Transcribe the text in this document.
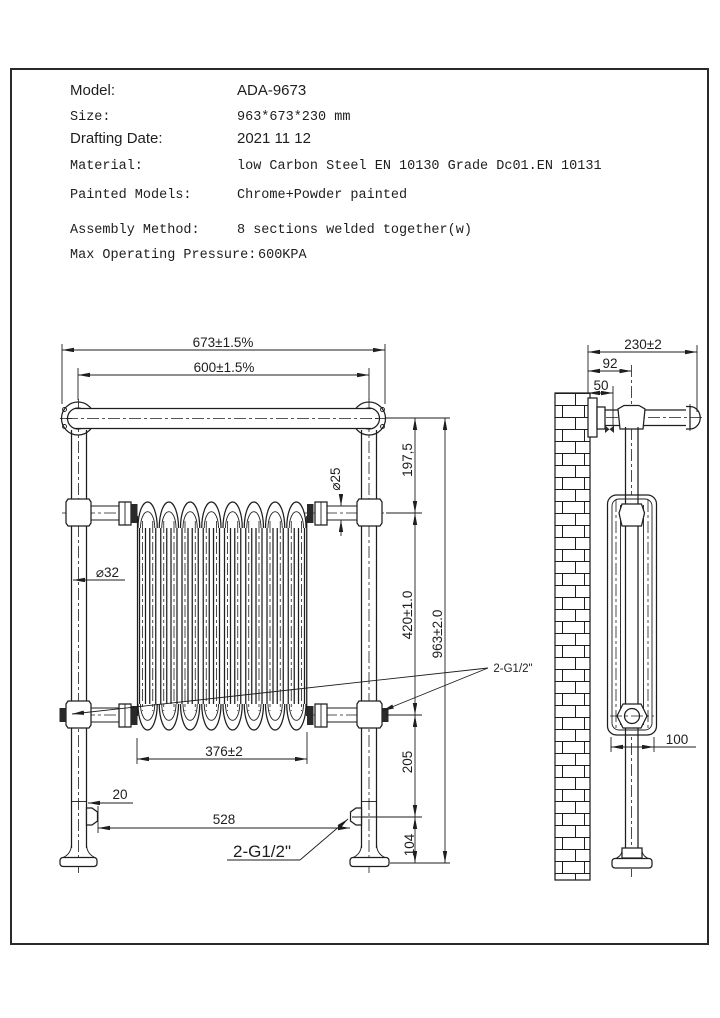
Model:	ADA-9673
Size:	963*673*230 mm
Drafting Date:	2021 11 12
Material:	low Carbon Steel EN 10130 Grade Dc01.EN 10131
Painted Models:	Chrome+Powder painted
Assembly Method:	8 sections welded together(w)
Max Operating Pressure: 600KPA
673±1.5%
600±1.5%
197,5
420±1.0
205
104
963±2.0
⌀25
⌀32
376±2
20
528
2-G1/2"
2-G1/2"
230±2
92
50
100
